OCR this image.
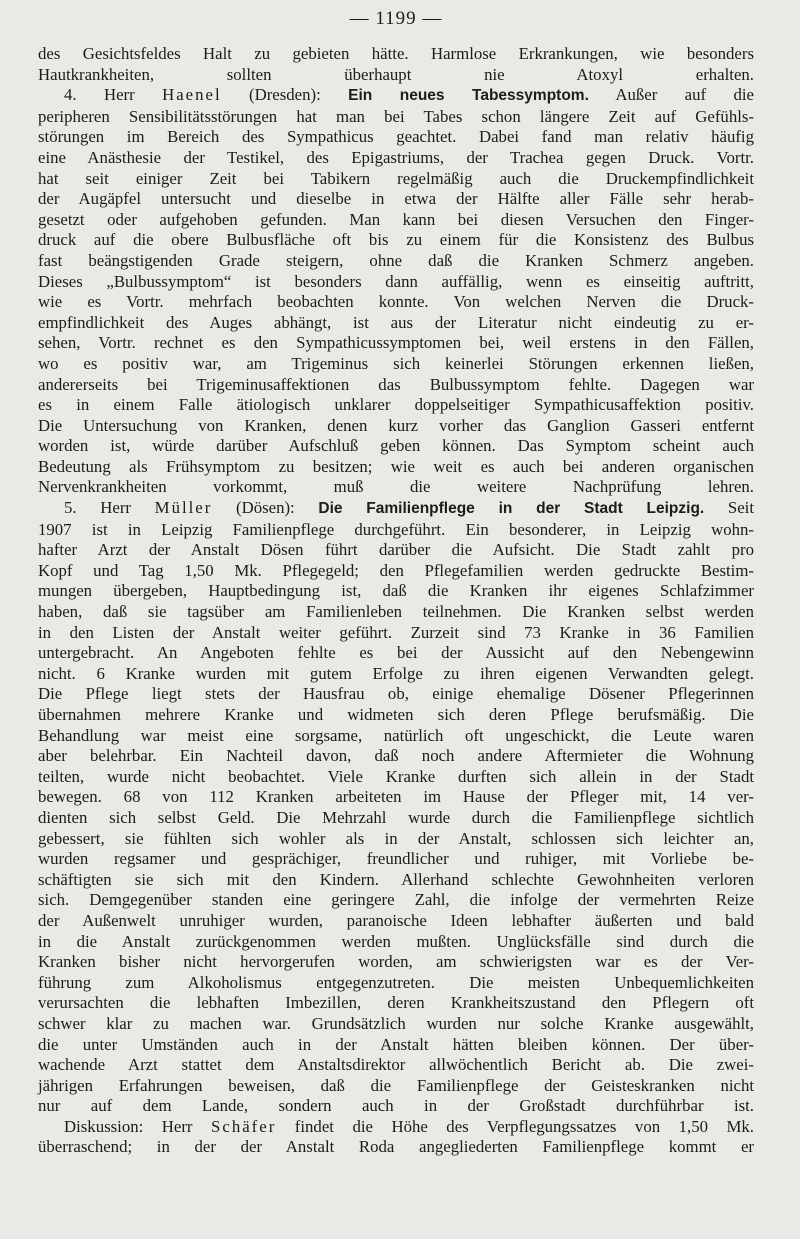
— 1199 —
des Gesichtsfeldes Halt zu gebieten hätte. Harmlose Erkrankungen, wie besonders
Hautkrankheiten, sollten überhaupt nie Atoxyl erhalten.
4. Herr Haenel (Dresden): Ein neues Tabessymptom. Außer auf die
peripheren Sensibilitätsstörungen hat man bei Tabes schon längere Zeit auf Gefühls-
störungen im Bereich des Sympathicus geachtet. Dabei fand man relativ häufig
eine Anästhesie der Testikel, des Epigastriums, der Trachea gegen Druck. Vortr.
hat seit einiger Zeit bei Tabikern regelmäßig auch die Druckempfindlichkeit
der Augäpfel untersucht und dieselbe in etwa der Hälfte aller Fälle sehr herab-
gesetzt oder aufgehoben gefunden. Man kann bei diesen Versuchen den Finger-
druck auf die obere Bulbusfläche oft bis zu einem für die Konsistenz des Bulbus
fast beängstigenden Grade steigern, ohne daß die Kranken Schmerz angeben.
Dieses „Bulbussymptom“ ist besonders dann auffällig, wenn es einseitig auftritt,
wie es Vortr. mehrfach beobachten konnte. Von welchen Nerven die Druck-
empfindlichkeit des Auges abhängt, ist aus der Literatur nicht eindeutig zu er-
sehen, Vortr. rechnet es den Sympathicussymptomen bei, weil erstens in den Fällen,
wo es positiv war, am Trigeminus sich keinerlei Störungen erkennen ließen,
andererseits bei Trigeminusaffektionen das Bulbussymptom fehlte. Dagegen war
es in einem Falle ätiologisch unklarer doppelseitiger Sympathicusaffektion positiv.
Die Untersuchung von Kranken, denen kurz vorher das Ganglion Gasseri entfernt
worden ist, würde darüber Aufschluß geben können. Das Symptom scheint auch
Bedeutung als Frühsymptom zu besitzen; wie weit es auch bei anderen organischen
Nervenkrankheiten vorkommt, muß die weitere Nachprüfung lehren.
5. Herr Müller (Dösen): Die Familienpflege in der Stadt Leipzig. Seit
1907 ist in Leipzig Familienpflege durchgeführt. Ein besonderer, in Leipzig wohn-
hafter Arzt der Anstalt Dösen führt darüber die Aufsicht. Die Stadt zahlt pro
Kopf und Tag 1,50 Mk. Pflegegeld; den Pflegefamilien werden gedruckte Bestim-
mungen übergeben, Hauptbedingung ist, daß die Kranken ihr eigenes Schlafzimmer
haben, daß sie tagsüber am Familienleben teilnehmen. Die Kranken selbst werden
in den Listen der Anstalt weiter geführt. Zurzeit sind 73 Kranke in 36 Familien
untergebracht. An Angeboten fehlte es bei der Aussicht auf den Nebengewinn
nicht. 6 Kranke wurden mit gutem Erfolge zu ihren eigenen Verwandten gelegt.
Die Pflege liegt stets der Hausfrau ob, einige ehemalige Dösener Pflegerinnen
übernahmen mehrere Kranke und widmeten sich deren Pflege berufsmäßig. Die
Behandlung war meist eine sorgsame, natürlich oft ungeschickt, die Leute waren
aber belehrbar. Ein Nachteil davon, daß noch andere Aftermieter die Wohnung
teilten, wurde nicht beobachtet. Viele Kranke durften sich allein in der Stadt
bewegen. 68 von 112 Kranken arbeiteten im Hause der Pfleger mit, 14 ver-
dienten sich selbst Geld. Die Mehrzahl wurde durch die Familienpflege sichtlich
gebessert, sie fühlten sich wohler als in der Anstalt, schlossen sich leichter an,
wurden regsamer und gesprächiger, freundlicher und ruhiger, mit Vorliebe be-
schäftigten sie sich mit den Kindern. Allerhand schlechte Gewohnheiten verloren
sich. Demgegenüber standen eine geringere Zahl, die infolge der vermehrten Reize
der Außenwelt unruhiger wurden, paranoische Ideen lebhafter äußerten und bald
in die Anstalt zurückgenommen werden mußten. Unglücksfälle sind durch die
Kranken bisher nicht hervorgerufen worden, am schwierigsten war es der Ver-
führung zum Alkoholismus entgegenzutreten. Die meisten Unbequemlichkeiten
verursachten die lebhaften Imbezillen, deren Krankheitszustand den Pflegern oft
schwer klar zu machen war. Grundsätzlich wurden nur solche Kranke ausgewählt,
die unter Umständen auch in der Anstalt hätten bleiben können. Der über-
wachende Arzt stattet dem Anstaltsdirektor allwöchentlich Bericht ab. Die zwei-
jährigen Erfahrungen beweisen, daß die Familienpflege der Geisteskranken nicht
nur auf dem Lande, sondern auch in der Großstadt durchführbar ist.
Diskussion: Herr Schäfer findet die Höhe des Verpflegungssatzes von 1,50 Mk.
überraschend; in der der Anstalt Roda angegliederten Familienpflege kommt er
